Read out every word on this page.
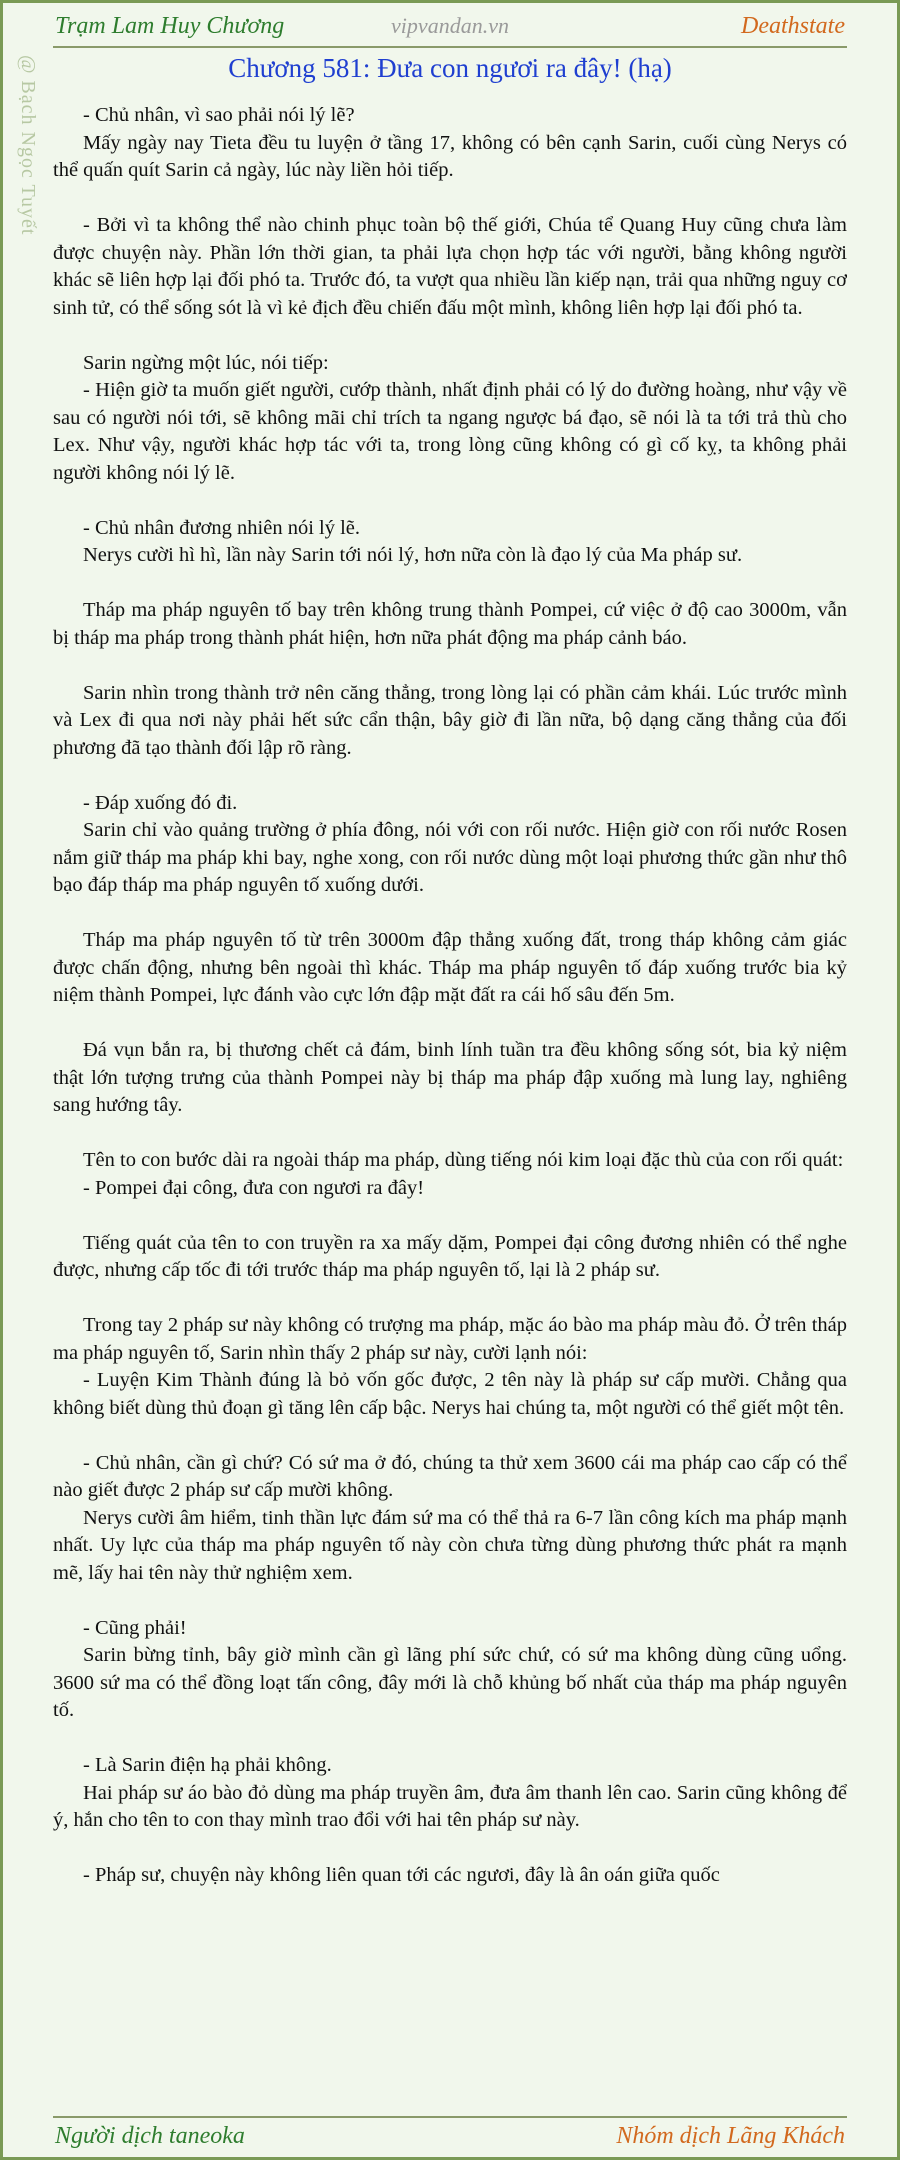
Trạm Lam Huy Chương	vipvandan.vn	Deathstate
@ Bạch Ngọc Tuyết	Chương 581: Đưa con ngươi ra đây! (hạ)

- Chủ nhân, vì sao phải nói lý lẽ?

Mấy ngày nay Tieta đều tu luyện ở tầng 17, không có bên cạnh Sarin, cuối cùng Nerys có thể quấn quít Sarin cả ngày, lúc này liền hỏi tiếp.

- Bởi vì ta không thể nào chinh phục toàn bộ thế giới, Chúa tể Quang Huy cũng chưa làm được chuyện này. Phần lớn thời gian, ta phải lựa chọn hợp tác với người, bằng không người khác sẽ liên hợp lại đối phó ta. Trước đó, ta vượt qua nhiều lần kiếp nạn, trải qua những nguy cơ sinh tử, có thể sống sót là vì kẻ địch đều chiến đấu một mình, không liên hợp lại đối phó ta.

Sarin ngừng một lúc, nói tiếp:

- Hiện giờ ta muốn giết người, cướp thành, nhất định phải có lý do đường hoàng, như vậy về sau có người nói tới, sẽ không mãi chỉ trích ta ngang ngược bá đạo, sẽ nói là ta tới trả thù cho Lex. Như vậy, người khác hợp tác với ta, trong lòng cũng không có gì cố kỵ, ta không phải người không nói lý lẽ.

- Chủ nhân đương nhiên nói lý lẽ.

Nerys cười hì hì, lần này Sarin tới nói lý, hơn nữa còn là đạo lý của Ma pháp sư.

Tháp ma pháp nguyên tố bay trên không trung thành Pompei, cứ việc ở độ cao 3000m, vẫn bị tháp ma pháp trong thành phát hiện, hơn nữa phát động ma pháp cảnh báo.

Sarin nhìn trong thành trở nên căng thẳng, trong lòng lại có phần cảm khái. Lúc trước mình và Lex đi qua nơi này phải hết sức cẩn thận, bây giờ đi lần nữa, bộ dạng căng thẳng của đối phương đã tạo thành đối lập rõ ràng.

- Đáp xuống đó đi.

Sarin chỉ vào quảng trường ở phía đông, nói với con rối nước. Hiện giờ con rối nước Rosen nắm giữ tháp ma pháp khi bay, nghe xong, con rối nước dùng một loại phương thức gần như thô bạo đáp tháp ma pháp nguyên tố xuống dưới.

Tháp ma pháp nguyên tố từ trên 3000m đập thẳng xuống đất, trong tháp không cảm giác được chấn động, nhưng bên ngoài thì khác. Tháp ma pháp nguyên tố đáp xuống trước bia kỷ niệm thành Pompei, lực đánh vào cực lớn đập mặt đất ra cái hố sâu đến 5m.

Đá vụn bắn ra, bị thương chết cả đám, binh lính tuần tra đều không sống sót, bia kỷ niệm thật lớn tượng trưng của thành Pompei này bị tháp ma pháp đập xuống mà lung lay, nghiêng sang hướng tây.

Tên to con bước dài ra ngoài tháp ma pháp, dùng tiếng nói kim loại đặc thù của con rối quát:

- Pompei đại công, đưa con ngươi ra đây!

Tiếng quát của tên to con truyền ra xa mấy dặm, Pompei đại công đương nhiên có thể nghe được, nhưng cấp tốc đi tới trước tháp ma pháp nguyên tố, lại là 2 pháp sư.

Trong tay 2 pháp sư này không có trượng ma pháp, mặc áo bào ma pháp màu đỏ. Ở trên tháp ma pháp nguyên tố, Sarin nhìn thấy 2 pháp sư này, cười lạnh nói:

- Luyện Kim Thành đúng là bỏ vốn gốc được, 2 tên này là pháp sư cấp mười. Chẳng qua không biết dùng thủ đoạn gì tăng lên cấp bậc. Nerys hai chúng ta, một người có thể giết một tên.

- Chủ nhân, cần gì chứ? Có sứ ma ở đó, chúng ta thử xem 3600 cái ma pháp cao cấp có thể nào giết được 2 pháp sư cấp mười không.

Nerys cười âm hiểm, tinh thần lực đám sứ ma có thể thả ra 6-7 lần công kích ma pháp mạnh nhất. Uy lực của tháp ma pháp nguyên tố này còn chưa từng dùng phương thức phát ra mạnh mẽ, lấy hai tên này thử nghiệm xem.

- Cũng phải!

Sarin bừng tỉnh, bây giờ mình cần gì lãng phí sức chứ, có sứ ma không dùng cũng uổng. 3600 sứ ma có thể đồng loạt tấn công, đây mới là chỗ khủng bố nhất của tháp ma pháp nguyên tố.

- Là Sarin điện hạ phải không.

Hai pháp sư áo bào đỏ dùng ma pháp truyền âm, đưa âm thanh lên cao. Sarin cũng không để ý, hắn cho tên to con thay mình trao đổi với hai tên pháp sư này.

- Pháp sư, chuyện này không liên quan tới các ngươi, đây là ân oán giữa quốc

Người dịch taneoka	Nhóm dịch Lãng Khách
